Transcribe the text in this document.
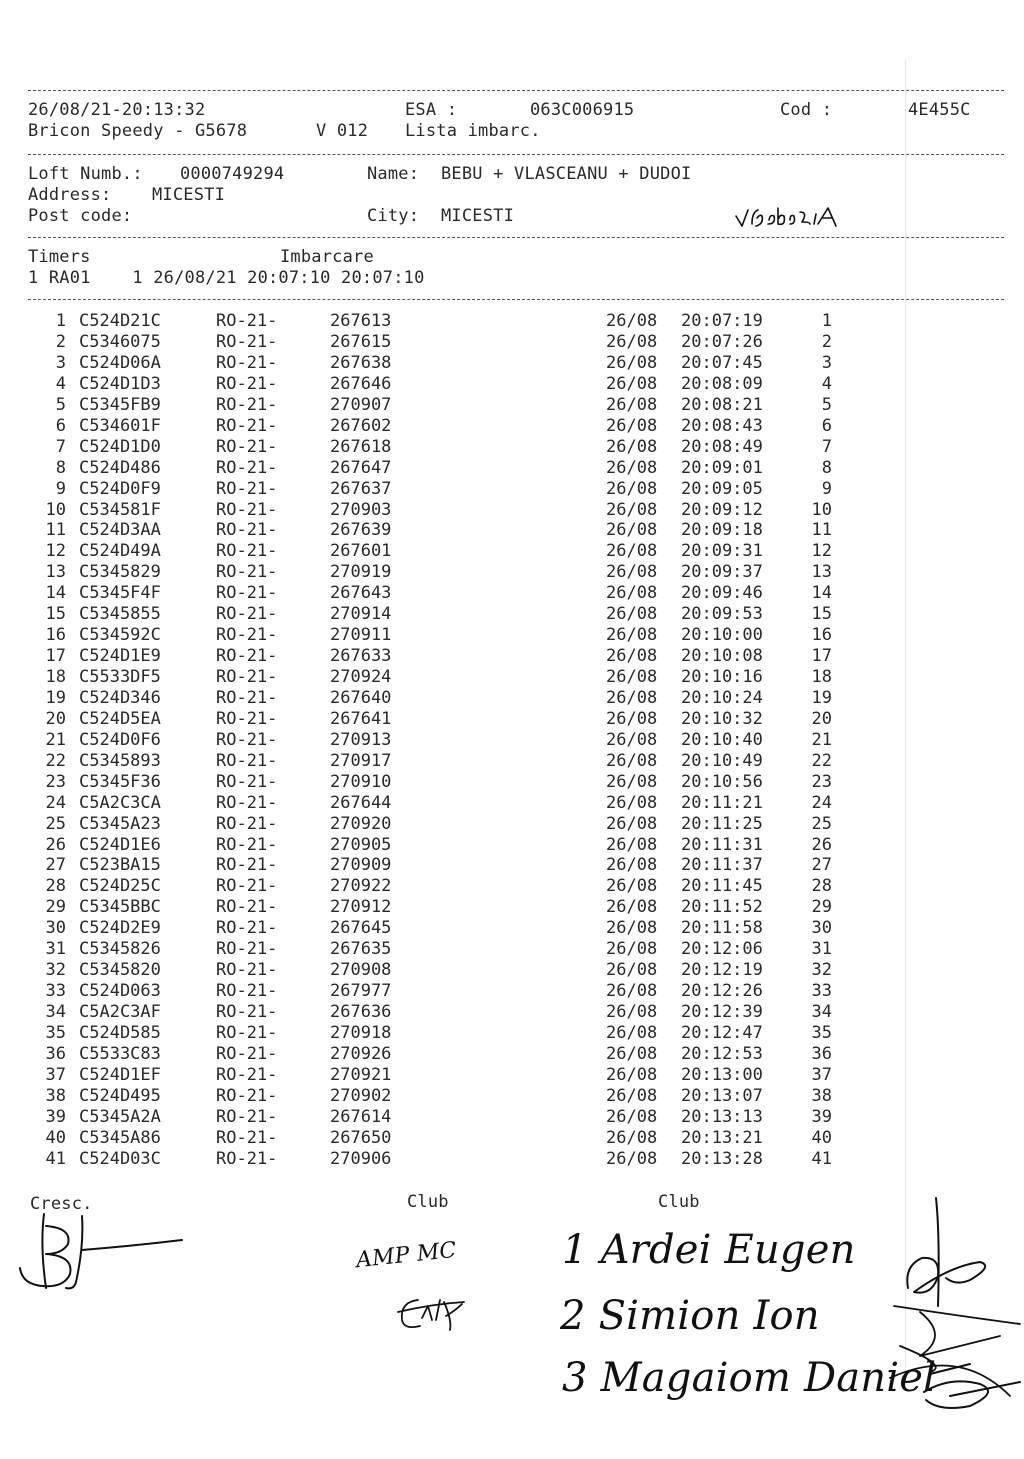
26/08/21-20:13:32	ESA :	063C006915	Cod :	4E455C
Bricon Speedy - G5678	V 012 Lista imbarc.
Loft Numb.: 0000749294	Name: BEBU + VLASCEANU + DUDOI
Address: MICESTI
Post code:	City: MICESTI
Timers	Imbarcare
1 RA01    1 26/08/21 20:07:10 20:07:10
1 C524D21C	RO-21-	267613	26/08 20:07:19	1
2 C5346075	RO-21-	267615	26/08 20:07:26	2
3 C524D06A	RO-21-	267638	26/08 20:07:45	3
4 C524D1D3	RO-21-	267646	26/08 20:08:09	4
5 C5345FB9	RO-21-	270907	26/08 20:08:21	5
6 C534601F	RO-21-	267602	26/08 20:08:43	6
7 C524D1D0	RO-21-	267618	26/08 20:08:49	7
8 C524D486	RO-21-	267647	26/08 20:09:01	8
9 C524D0F9	RO-21-	267637	26/08 20:09:05	9
10 C534581F	RO-21-	270903	26/08 20:09:12	10
11 C524D3AA	RO-21-	267639	26/08 20:09:18	11
12 C524D49A	RO-21-	267601	26/08 20:09:31	12
13 C5345829	RO-21-	270919	26/08 20:09:37	13
14 C5345F4F	RO-21-	267643	26/08 20:09:46	14
15 C5345855	RO-21-	270914	26/08 20:09:53	15
16 C534592C	RO-21-	270911	26/08 20:10:00	16
17 C524D1E9	RO-21-	267633	26/08 20:10:08	17
18 C5533DF5	RO-21-	270924	26/08 20:10:16	18
19 C524D346	RO-21-	267640	26/08 20:10:24	19
20 C524D5EA	RO-21-	267641	26/08 20:10:32	20
21 C524D0F6	RO-21-	270913	26/08 20:10:40	21
22 C5345893	RO-21-	270917	26/08 20:10:49	22
23 C5345F36	RO-21-	270910	26/08 20:10:56	23
24 C5A2C3CA	RO-21-	267644	26/08 20:11:21	24
25 C5345A23	RO-21-	270920	26/08 20:11:25	25
26 C524D1E6	RO-21-	270905	26/08 20:11:31	26
27 C523BA15	RO-21-	270909	26/08 20:11:37	27
28 C524D25C	RO-21-	270922	26/08 20:11:45	28
29 C5345BBC	RO-21-	270912	26/08 20:11:52	29
30 C524D2E9	RO-21-	267645	26/08 20:11:58	30
31 C5345826	RO-21-	267635	26/08 20:12:06	31
32 C5345820	RO-21-	270908	26/08 20:12:19	32
33 C524D063	RO-21-	267977	26/08 20:12:26	33
34 C5A2C3AF	RO-21-	267636	26/08 20:12:39	34
35 C524D585	RO-21-	270918	26/08 20:12:47	35
36 C5533C83	RO-21-	270926	26/08 20:12:53	36
37 C524D1EF	RO-21-	270921	26/08 20:13:00	37
38 C524D495	RO-21-	270902	26/08 20:13:07	38
39 C5345A2A	RO-21-	267614	26/08 20:13:13	39
40 C5345A86	RO-21-	267650	26/08 20:13:21	40
41 C524D03C	RO-21-	270906	26/08 20:13:28	41
Cresc.	Club	Club
AMP MC	1 Ardei Eugen
2 Simion Ion
3 Magaiom Daniel
